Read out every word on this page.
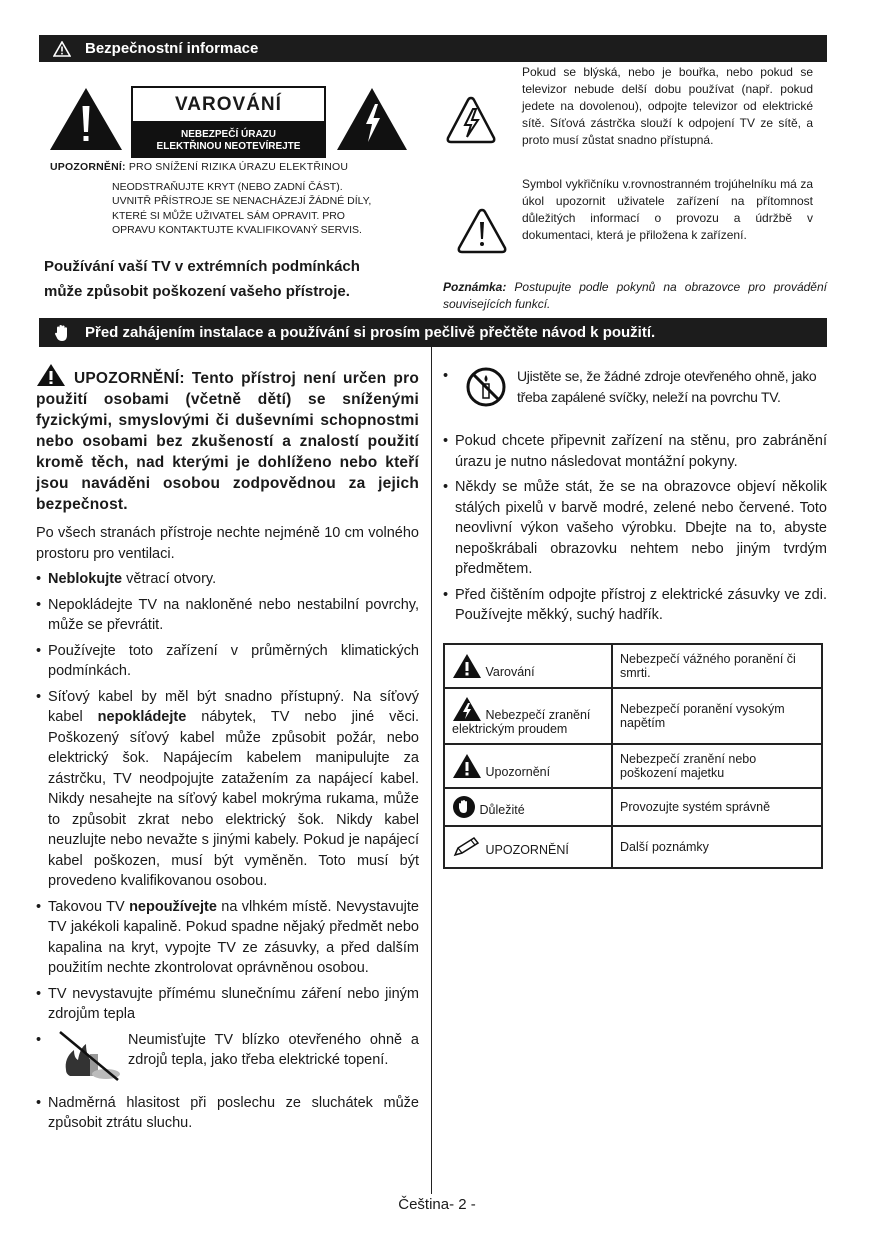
Bezpečnostní informace
VAROVÁNÍ
NEBEZPEČÍ ÚRAZU
ELEKTŘINOU NEOTEVÍREJTE
UPOZORNĚNÍ: PRO SNÍŽENÍ RIZIKA ÚRAZU ELEKTŘINOU
NEODSTRAŇUJTE KRYT (NEBO ZADNÍ ČÁST).
UVNITŘ PŘÍSTROJE SE NENACHÁZEJÍ ŽÁDNÉ DÍLY,
KTERÉ SI MŮŽE UŽIVATEL SÁM OPRAVIT. PRO
OPRAVU KONTAKTUJTE KVALIFIKOVANÝ SERVIS.
Používání vaší TV v extrémních podmínkách
může způsobit poškození vašeho přístroje.
Pokud se blýská, nebo je bouřka, nebo pokud se televizor nebude delší dobu používat (např. pokud jedete na dovolenou), odpojte televizor od elektrické sítě. Síťová zástrčka slouží k odpojení TV ze sítě, a proto musí zůstat snadno přístupná.
Symbol vykřičníku v.rovnostranném trojúhelníku má za úkol upozornit uživatele zařízení na přítomnost důležitých informací o provozu a údržbě v dokumentaci, která je přiložena k zařízení.
Poznámka: Postupujte podle pokynů na obrazovce pro provádění souvisejících funkcí.
Před zahájením instalace a používání si prosím pečlivě přečtěte návod k použití.
UPOZORNĚNÍ: Tento přístroj není určen pro použití osobami (včetně dětí) se sníženými fyzickými, smyslovými či duševními schopnostmi nebo osobami bez zkušeností a znalostí použití kromě těch, nad kterými je dohlíženo nebo kteří jsou naváděni osobou zodpovědnou za jejich bezpečnost.
Po všech stranách přístroje nechte nejméně 10 cm volného prostoru pro ventilaci.
• Neblokujte větrací otvory.
• Nepokládejte TV na nakloněné nebo nestabilní povrchy, může se převrátit.
• Používejte toto zařízení v průměrných klimatických podmínkách.
• Síťový kabel by měl být snadno přístupný. Na síťový kabel nepokládejte nábytek, TV nebo jiné věci. Poškozený síťový kabel může způsobit požár, nebo elektrický šok. Napájecím kabelem manipulujte za zástrčku, TV neodpojujte zatažením za napájecí kabel. Nikdy nesahejte na síťový kabel mokrýma rukama, může to způsobit zkrat nebo elektrický šok. Nikdy kabel neuzlujte nebo nevažte s jinými kabely. Pokud je napájecí kabel poškozen, musí být vyměněn. Toto musí být provedeno kvalifikovanou osobou.
• Takovou TV nepoužívejte na vlhkém místě. Nevystavujte TV jakékoli kapalině. Pokud spadne nějaký předmět nebo kapalina na kryt, vypojte TV ze zásuvky, a před dalším použitím nechte zkontrolovat oprávněnou osobou.
• TV nevystavujte přímému slunečnímu záření nebo jiným zdrojům tepla
• Neumisťujte TV blízko otevřeného ohně a zdrojů tepla, jako třeba elektrické topení.
• Nadměrná hlasitost při poslechu ze sluchátek může způsobit ztrátu sluchu.
• Ujistěte se, že žádné zdroje otevřeného ohně, jako třeba zapálené svíčky, neleží na povrchu TV.
• Pokud chcete připevnit zařízení na stěnu, pro zabránění úrazu je nutno následovat montážní pokyny.
• Někdy se může stát, že se na obrazovce objeví několik stálých pixelů v barvě modré, zelené nebo červené. Toto neovlivní výkon vašeho výrobku. Dbejte na to, abyste nepoškrábali obrazovku nehtem nebo jiným tvrdým předmětem.
• Před čištěním odpojte přístroj z elektrické zásuvky ve zdi. Používejte měkký, suchý hadřík.
Varování	Nebezpečí vážného poranění či smrti.
Nebezpečí zranění elektrickým proudem	Nebezpečí poranění vysokým napětím
Upozornění	Nebezpečí zranění nebo poškození majetku
Důležité	Provozujte systém správně
UPOZORNĚNÍ	Další poznámky
Čeština- 2 -
